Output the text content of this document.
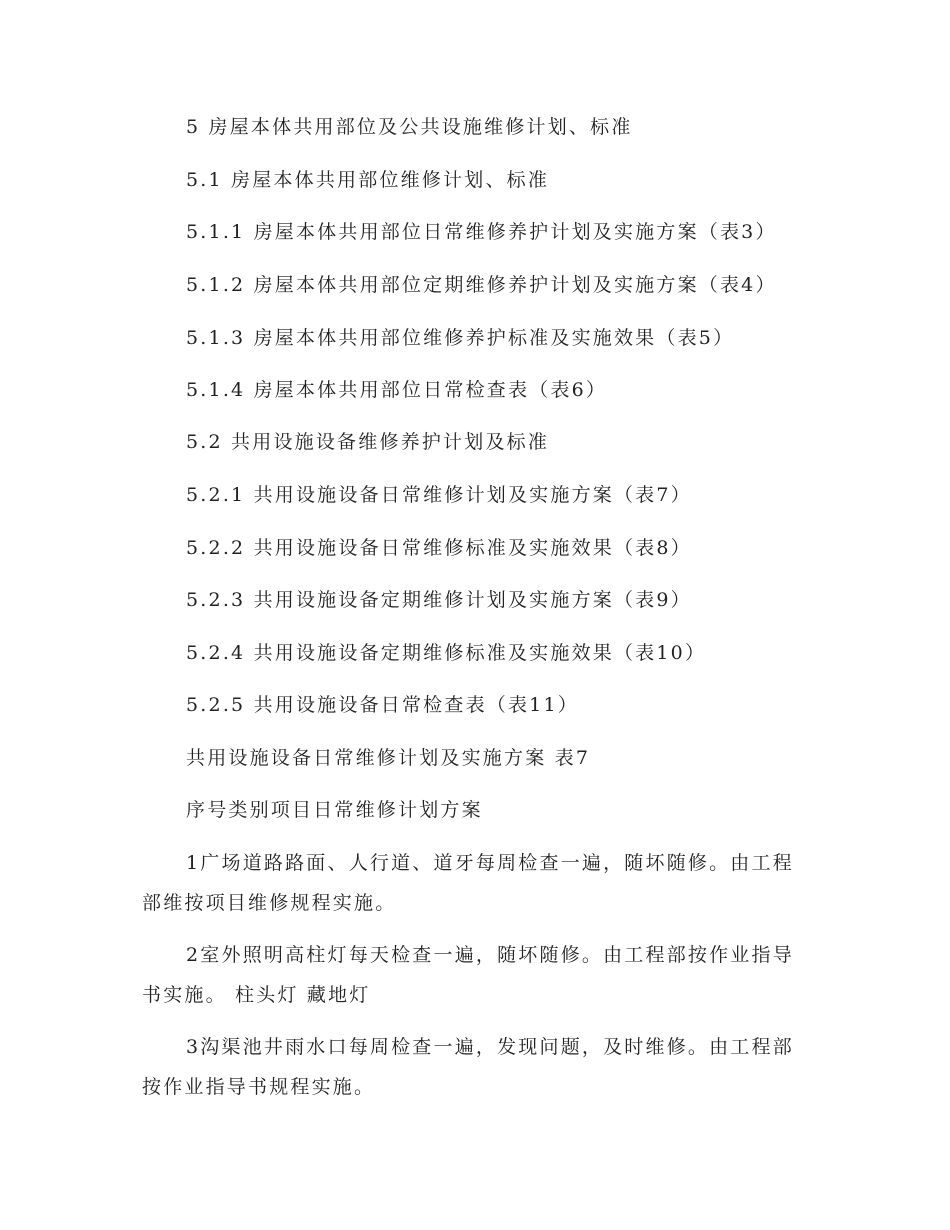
5 房屋本体共用部位及公共设施维修计划、标准
5.1 房屋本体共用部位维修计划、标准
5.1.1 房屋本体共用部位日常维修养护计划及实施方案（表3）
5.1.2 房屋本体共用部位定期维修养护计划及实施方案（表4）
5.1.3 房屋本体共用部位维修养护标准及实施效果（表5）
5.1.4 房屋本体共用部位日常检查表（表6）
5.2 共用设施设备维修养护计划及标准
5.2.1 共用设施设备日常维修计划及实施方案（表7）
5.2.2 共用设施设备日常维修标准及实施效果（表8）
5.2.3 共用设施设备定期维修计划及实施方案（表9）
5.2.4 共用设施设备定期维修标准及实施效果（表10）
5.2.5 共用设施设备日常检查表（表11）
共用设施设备日常维修计划及实施方案 表7
序号类别项目日常维修计划方案
1广场道路路面、人行道、道牙每周检查一遍，随坏随修。由工程
部维按项目维修规程实施。
2室外照明高柱灯每天检查一遍，随坏随修。由工程部按作业指导
书实施。 柱头灯 藏地灯
3沟渠池井雨水口每周检查一遍，发现问题，及时维修。由工程部
按作业指导书规程实施。
